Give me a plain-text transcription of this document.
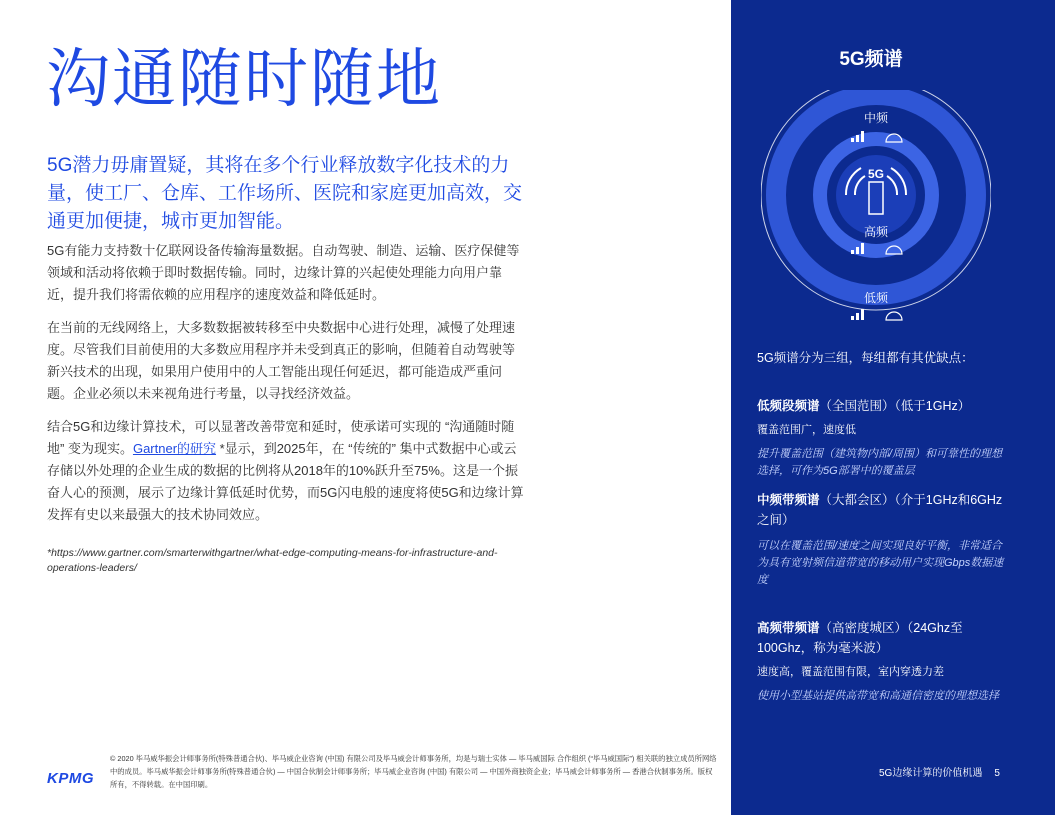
沟通随时随地

5G潜力毋庸置疑，其将在多个行业释放数字化技术的力量，使工厂、仓库、工作场所、医院和家庭更加高效，交通更加便捷，城市更加智能。

5G有能力支持数十亿联网设备传输海量数据。自动驾驶、制造、运输、医疗保健等领域和活动将依赖于即时数据传输。同时，边缘计算的兴起使处理能力向用户靠近，提升我们将需依赖的应用程序的速度效益和降低延时。

在当前的无线网络上，大多数数据被转移至中央数据中心进行处理，减慢了处理速度。尽管我们目前使用的大多数应用程序并未受到真正的影响，但随着自动驾驶等新兴技术的出现，如果用户使用中的人工智能出现任何延迟，都可能造成严重问题。企业必须以未来视角进行考量，以寻找经济效益。

结合5G和边缘计算技术，可以显著改善带宽和延时，使承诺可实现的 “沟通随时随地” 变为现实。Gartner的研究 *显示，到2025年，在 “传统的” 集中式数据中心或云存储以外处理的企业生成的数据的比例将从2018年的10%跃升至75%。这是一个振奋人心的预测，展示了边缘计算低延时优势，而5G闪电般的速度将使5G和边缘计算发挥有史以来最强大的技术协同效应。

*https://www.gartner.com/smarterwithgartner/what-edge-computing-means-for-infrastructure-and-operations-leaders/
KPMG
© 2020 毕马威华振会计师事务所(特殊普通合伙)、毕马威企业咨询 (中国) 有限公司及毕马威会计师事务所，均是与瑞士实体 — 毕马威国际 合作组织 (“毕马威国际”) 相关联的独立成员所网络中的成员。毕马威华振会计师事务所(特殊普通合伙) — 中国合伙制会计师事务所；毕马威企业咨询 (中国) 有限公司 — 中国外商独资企业；毕马威会计师事务所 — 香港合伙制事务所。版权所有，不得转载。在中国印刷。
5G频谱
5G
中频
高频
低频

5G频谱分为三组，每组都有其优缺点：

低频段频谱（全国范围）（低于1GHz）

覆盖范围广，速度低

提升覆盖范围（建筑物内部/周围）和可靠性的理想选择，可作为5G部署中的覆盖层

中频带频谱（大都会区）（介于1GHz和6GHz之间）

可以在覆盖范围/速度之间实现良好平衡，非常适合为具有宽射频信道带宽的移动用户实现Gbps数据速度

高频带频谱（高密度城区）（24Ghz至100Ghz，称为毫米波）

速度高，覆盖范围有限，室内穿透力差

使用小型基站提供高带宽和高通信密度的理想选择

5G边缘计算的价值机遇 5
